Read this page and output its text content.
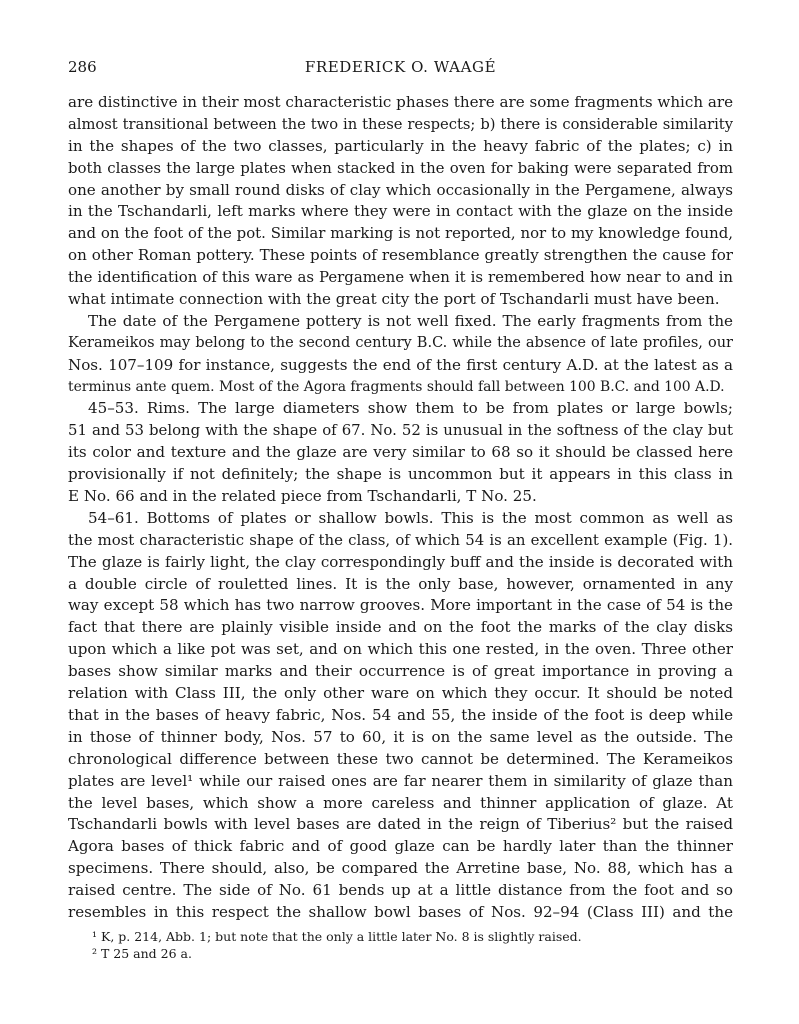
286	FREDERICK O. WAAGÉ
are distinctive in their most characteristic phases there are some fragments which are
almost transitional between the two in these respects; b) there is considerable similarity
in the shapes of the two classes, particularly in the heavy fabric of the plates; c) in
both classes the large plates when stacked in the oven for baking were separated from
one another by small round disks of clay which occasionally in the Pergamene, always
in the Tschandarli, left marks where they were in contact with the glaze on the inside
and on the foot of the pot. Similar marking is not reported, nor to my knowledge found,
on other Roman pottery. These points of resemblance greatly strengthen the cause for
the identification of this ware as Pergamene when it is remembered how near to and in
what intimate connection with the great city the port of Tschandarli must have been.
The date of the Pergamene pottery is not well fixed. The early fragments from the
Kerameikos may belong to the second century B.C. while the absence of late profiles, our
Nos. 107–109 for instance, suggests the end of the first century A.D. at the latest as a
terminus ante quem. Most of the Agora fragments should fall between 100 B.C. and 100 A.D.
45–53. Rims. The large diameters show them to be from plates or large bowls;
51 and 53 belong with the shape of 67. No. 52 is unusual in the softness of the clay but
its color and texture and the glaze are very similar to 68 so it should be classed here
provisionally if not definitely; the shape is uncommon but it appears in this class in
E No. 66 and in the related piece from Tschandarli, T No. 25.
54–61. Bottoms of plates or shallow bowls. This is the most common as well as
the most characteristic shape of the class, of which 54 is an excellent example (Fig. 1).
The glaze is fairly light, the clay correspondingly buff and the inside is decorated with
a double circle of rouletted lines. It is the only base, however, ornamented in any
way except 58 which has two narrow grooves. More important in the case of 54 is the
fact that there are plainly visible inside and on the foot the marks of the clay disks
upon which a like pot was set, and on which this one rested, in the oven. Three other
bases show similar marks and their occurrence is of great importance in proving a
relation with Class III, the only other ware on which they occur. It should be noted
that in the bases of heavy fabric, Nos. 54 and 55, the inside of the foot is deep while
in those of thinner body, Nos. 57 to 60, it is on the same level as the outside. The
chronological difference between these two cannot be determined. The Kerameikos
plates are level¹ while our raised ones are far nearer them in similarity of glaze than
the level bases, which show a more careless and thinner application of glaze. At
Tschandarli bowls with level bases are dated in the reign of Tiberius² but the raised
Agora bases of thick fabric and of good glaze can be hardly later than the thinner
specimens. There should, also, be compared the Arretine base, No. 88, which has a
raised centre. The side of No. 61 bends up at a little distance from the foot and so
resembles in this respect the shallow bowl bases of Nos. 92–94 (Class III) and the
¹ K, p. 214, Abb. 1; but note that the only a little later No. 8 is slightly raised.
² T 25 and 26 a.
